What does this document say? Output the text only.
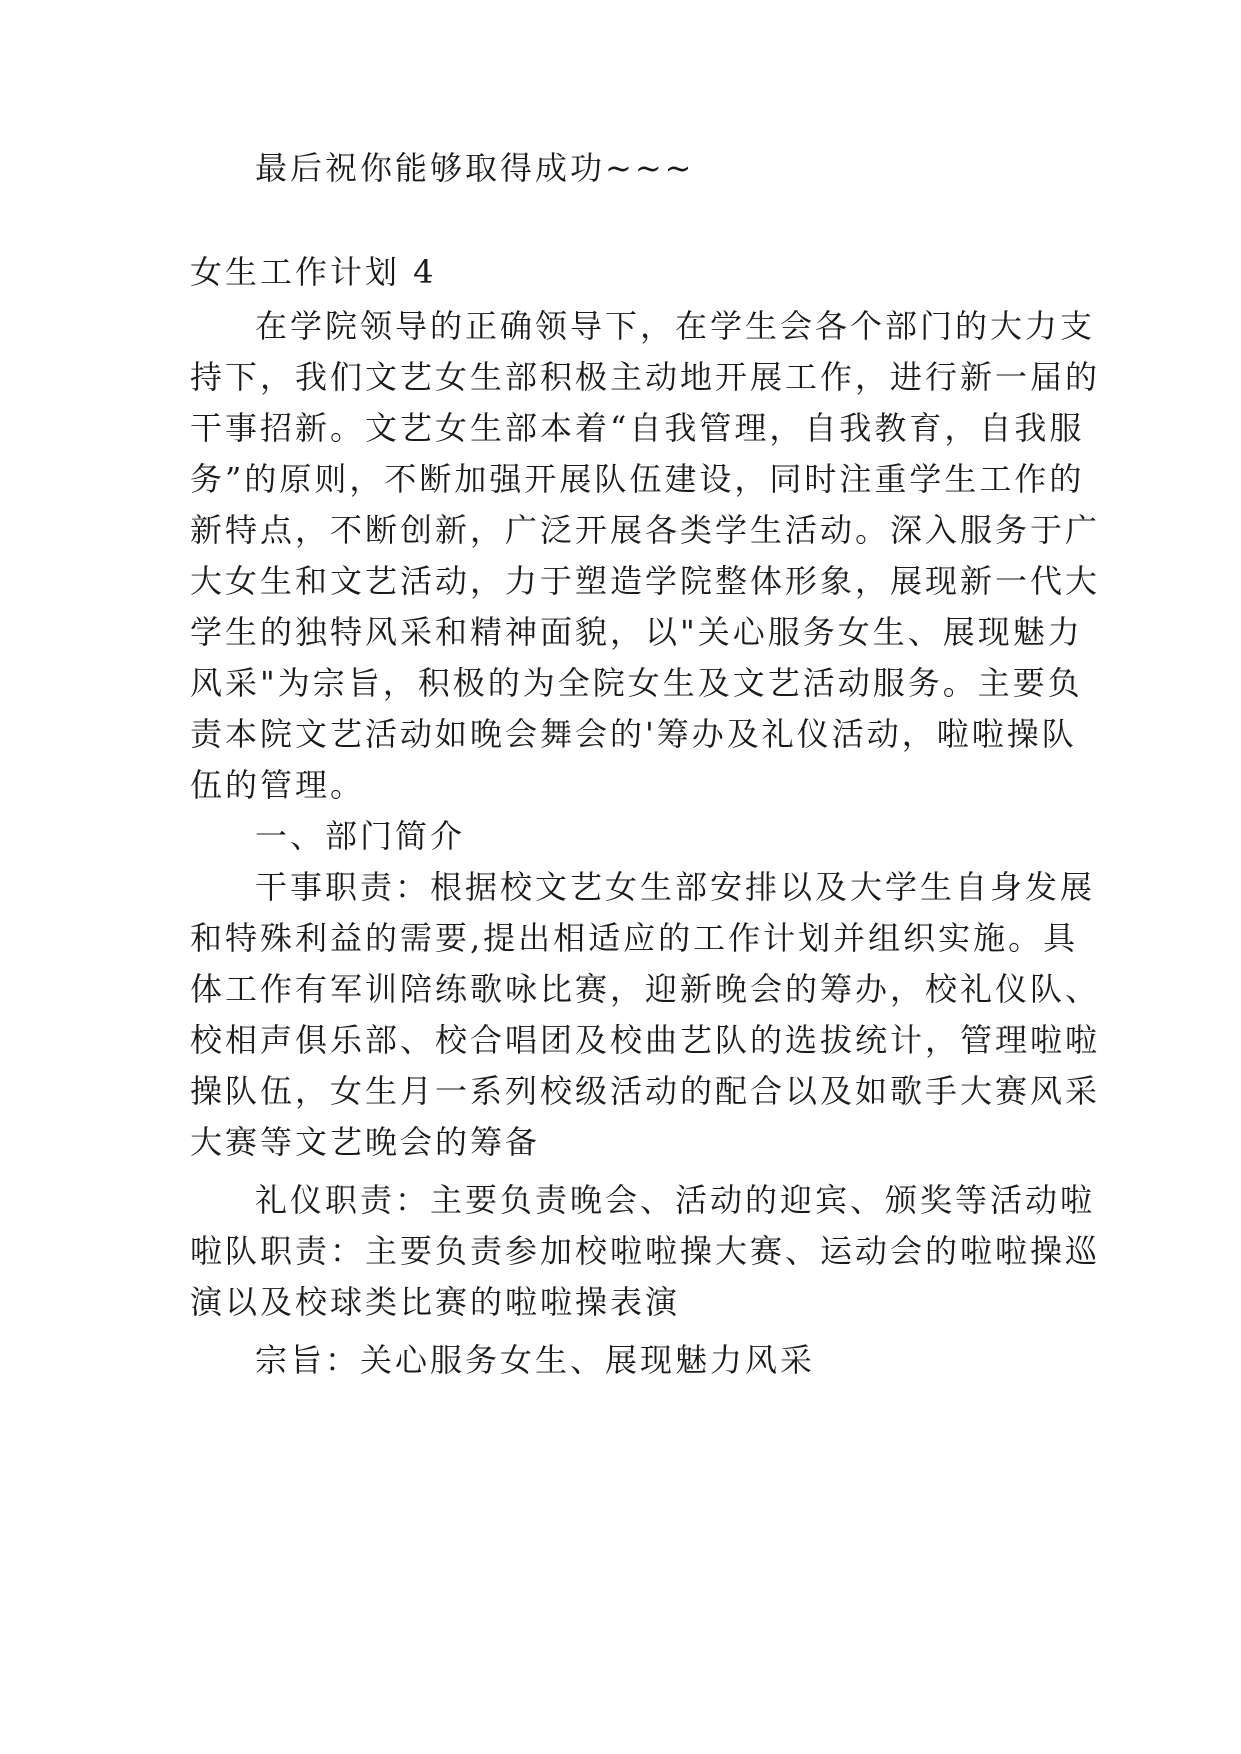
最后祝你能够取得成功~~~
女生工作计划 4
在学院领导的正确领导下，在学生会各个部门的大力支
持下，我们文艺女生部积极主动地开展工作，进行新一届的
干事招新。文艺女生部本着“自我管理，自我教育，自我服
务”的原则，不断加强开展队伍建设，同时注重学生工作的
新特点，不断创新，广泛开展各类学生活动。深入服务于广
大女生和文艺活动，力于塑造学院整体形象，展现新一代大
学生的独特风采和精神面貌，以"关心服务女生、展现魅力
风采"为宗旨，积极的为全院女生及文艺活动服务。主要负
责本院文艺活动如晚会舞会的'筹办及礼仪活动，啦啦操队
伍的管理。
一、部门简介
干事职责：根据校文艺女生部安排以及大学生自身发展
和特殊利益的需要,提出相适应的工作计划并组织实施。具
体工作有军训陪练歌咏比赛，迎新晚会的筹办，校礼仪队、
校相声俱乐部、校合唱团及校曲艺队的选拔统计，管理啦啦
操队伍，女生月一系列校级活动的配合以及如歌手大赛风采
大赛等文艺晚会的筹备
礼仪职责：主要负责晚会、活动的迎宾、颁奖等活动啦
啦队职责：主要负责参加校啦啦操大赛、运动会的啦啦操巡
演以及校球类比赛的啦啦操表演
宗旨：关心服务女生、展现魅力风采
